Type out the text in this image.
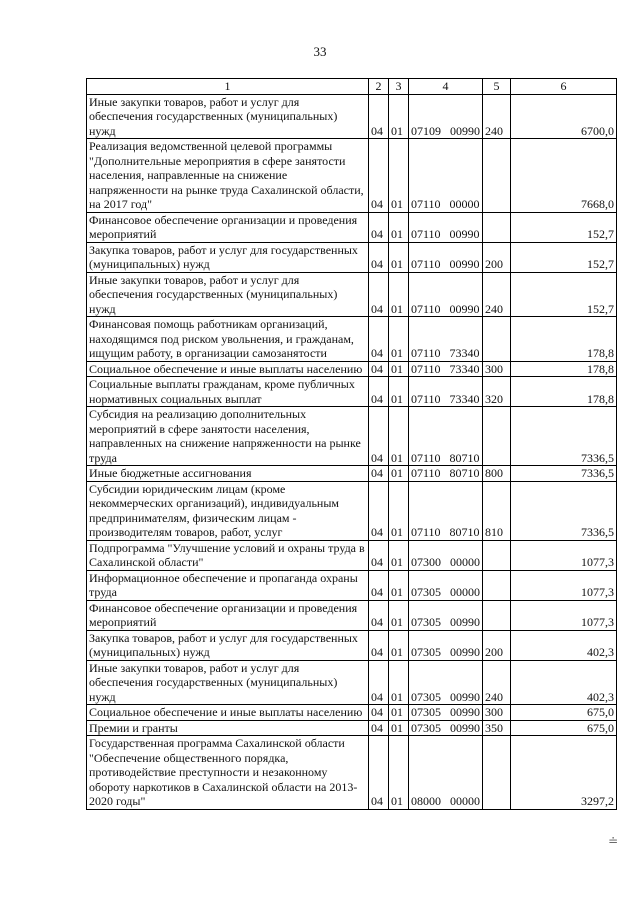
33
1	2	3	4	5	6
Иные закупки товаров, работ и услуг для обеспечения государственных (муниципальных) нужд	04	01	07109 00990	240	6700,0
Реализация ведомственной целевой программы "Дополнительные мероприятия в сфере занятости населения, направленные на снижение напряженности на рынке труда Сахалинской области, на 2017 год"	04	01	07110 00000		7668,0
Финансовое обеспечение организации и проведения мероприятий	04	01	07110 00990		152,7
Закупка товаров, работ и услуг для государственных (муниципальных) нужд	04	01	07110 00990	200	152,7
Иные закупки товаров, работ и услуг для обеспечения государственных (муниципальных) нужд	04	01	07110 00990	240	152,7
Финансовая помощь работникам организаций, находящимся под риском увольнения, и гражданам, ищущим работу, в организации самозанятости	04	01	07110 73340		178,8
Социальное обеспечение и иные выплаты населению	04	01	07110 73340	300	178,8
Социальные выплаты гражданам, кроме публичных нормативных социальных выплат	04	01	07110 73340	320	178,8
Субсидия на реализацию дополнительных мероприятий в сфере занятости населения, направленных на снижение напряженности на рынке труда	04	01	07110 80710		7336,5
Иные бюджетные ассигнования	04	01	07110 80710	800	7336,5
Субсидии юридическим лицам (кроме некоммерческих организаций), индивидуальным предпринимателям, физическим лицам - производителям товаров, работ, услуг	04	01	07110 80710	810	7336,5
Подпрограмма "Улучшение условий и охраны труда в Сахалинской области"	04	01	07300 00000		1077,3
Информационное обеспечение и пропаганда охраны труда	04	01	07305 00000		1077,3
Финансовое обеспечение организации и проведения мероприятий	04	01	07305 00990		1077,3
Закупка товаров, работ и услуг для государственных (муниципальных) нужд	04	01	07305 00990	200	402,3
Иные закупки товаров, работ и услуг для обеспечения государственных (муниципальных) нужд	04	01	07305 00990	240	402,3
Социальное обеспечение и иные выплаты населению	04	01	07305 00990	300	675,0
Премии и гранты	04	01	07305 00990	350	675,0
Государственная программа Сахалинской области "Обеспечение общественного порядка, противодействие преступности и незаконному обороту наркотиков в Сахалинской области на 2013-2020 годы"	04	01	08000 00000		3297,2
≐
